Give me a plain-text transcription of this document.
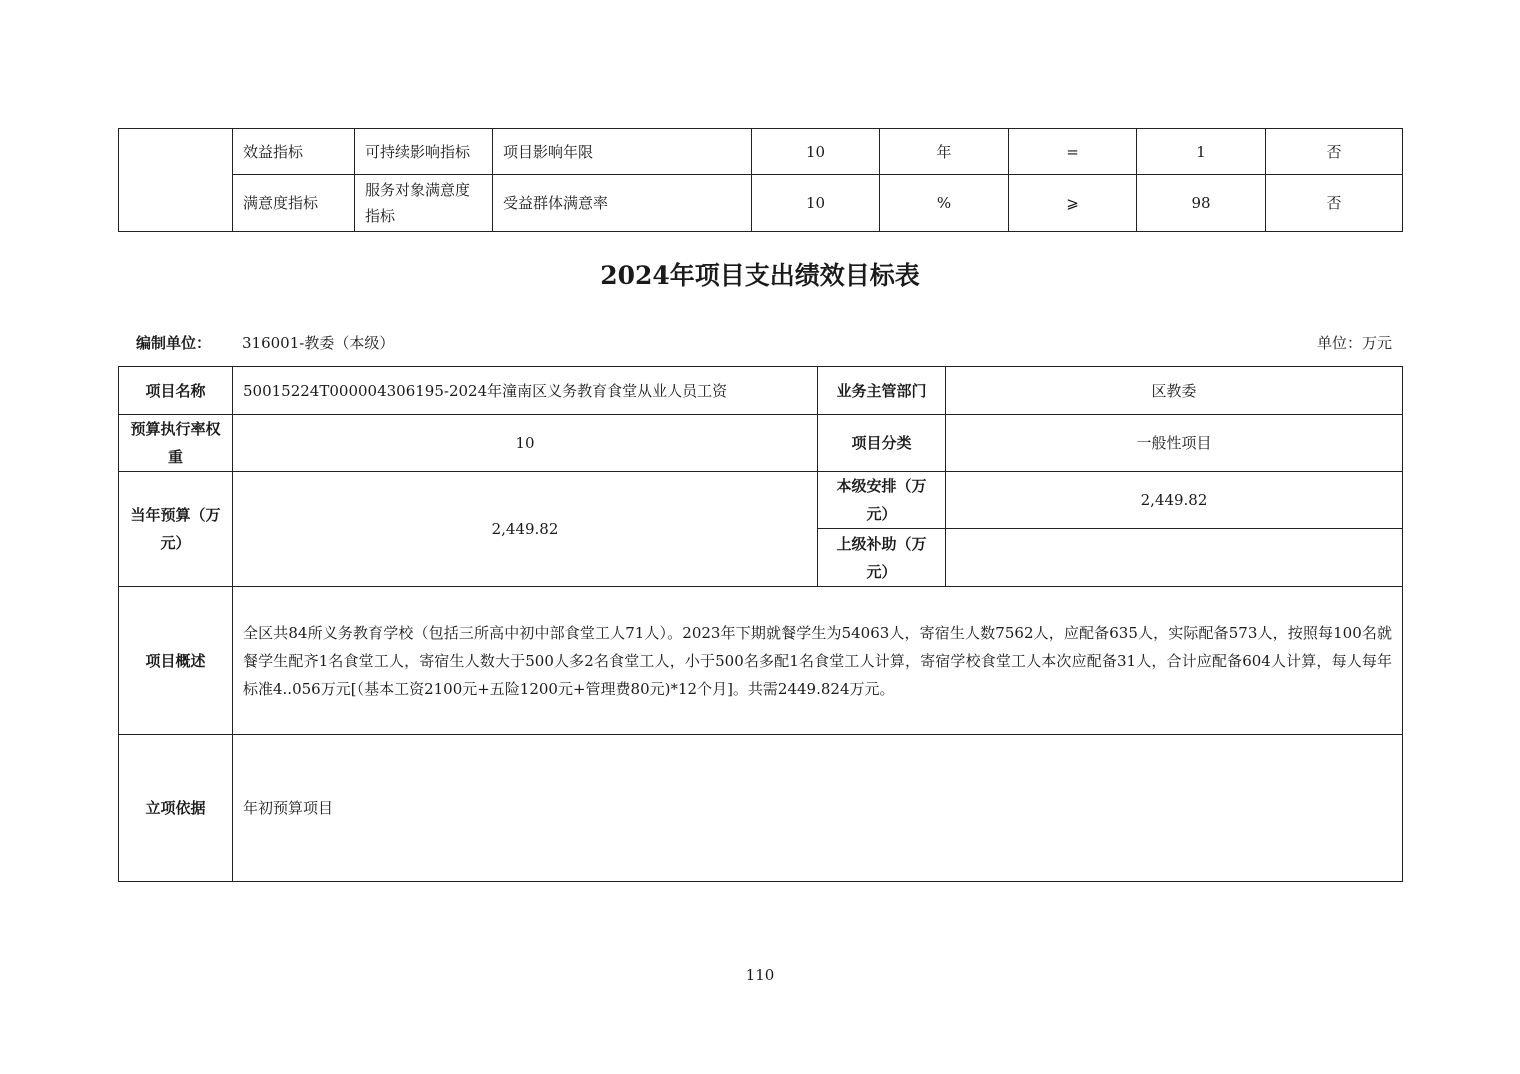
	效益指标	可持续影响指标	项目影响年限	10	年	=	1	否
	满意度指标	服务对象满意度指标	受益群体满意率	10	%	⩾	98	否
2024年项目支出绩效目标表
编制单位： 316001-教委（本级）	单位：万元
项目名称	50015224T000004306195-2024年潼南区义务教育食堂从业人员工资	业务主管部门	区教委
预算执行率权重	10	项目分类	一般性项目
当年预算（万元）	2,449.82	本级安排（万元）	2,449.82
		上级补助（万元）	
项目概述	全区共84所义务教育学校（包括三所高中初中部食堂工人71人）。2023年下期就餐学生为54063人，寄宿生人数7562人，应配备635人，实际配备573人，按照每100名就餐学生配齐1名食堂工人，寄宿生人数大于500人多2名食堂工人，小于500名多配1名食堂工人计算，寄宿学校食堂工人本次应配备31人，合计应配备604人计算，每人每年标准4..056万元[（基本工资2100元+五险1200元+管理费80元)*12个月]。共需2449.824万元。		
立项依据	年初预算项目		
110
